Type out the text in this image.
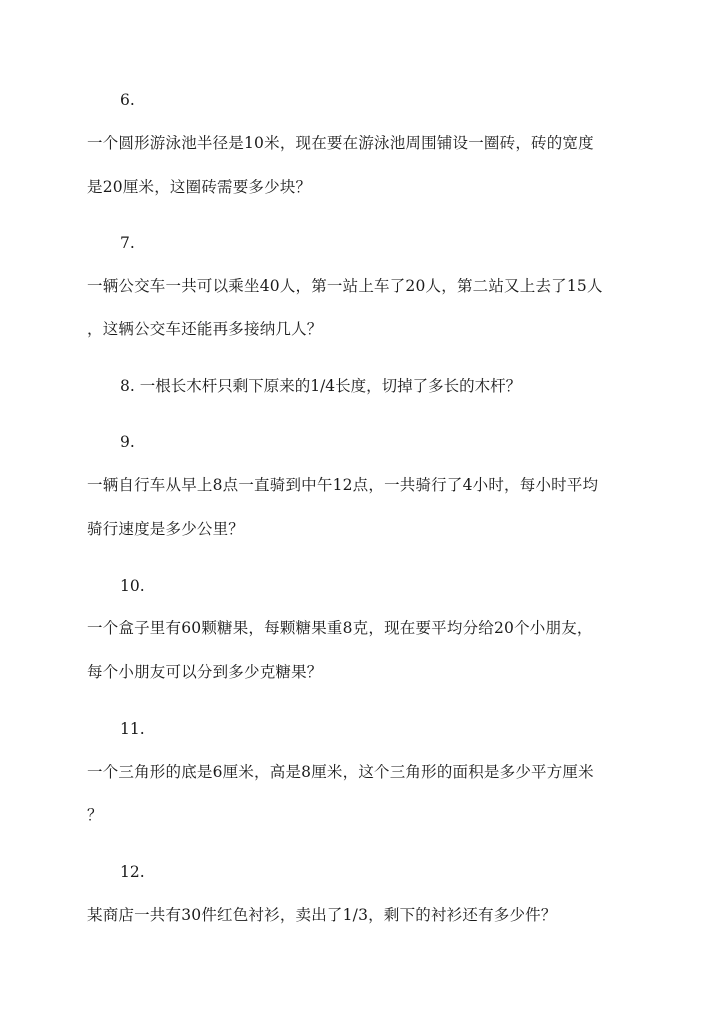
6.
一个圆形游泳池半径是10米，现在要在游泳池周围铺设一圈砖，砖的宽度
是20厘米，这圈砖需要多少块？
7.
一辆公交车一共可以乘坐40人，第一站上车了20人，第二站又上去了15人
，这辆公交车还能再多接纳几人？
8. 一根长木杆只剩下原来的1/4长度，切掉了多长的木杆？
9.
一辆自行车从早上8点一直骑到中午12点，一共骑行了4小时，每小时平均
骑行速度是多少公里？
10.
一个盒子里有60颗糖果，每颗糖果重8克，现在要平均分给20个小朋友，
每个小朋友可以分到多少克糖果？
11.
一个三角形的底是6厘米，高是8厘米，这个三角形的面积是多少平方厘米
？
12.
某商店一共有30件红色衬衫，卖出了1/3，剩下的衬衫还有多少件？
